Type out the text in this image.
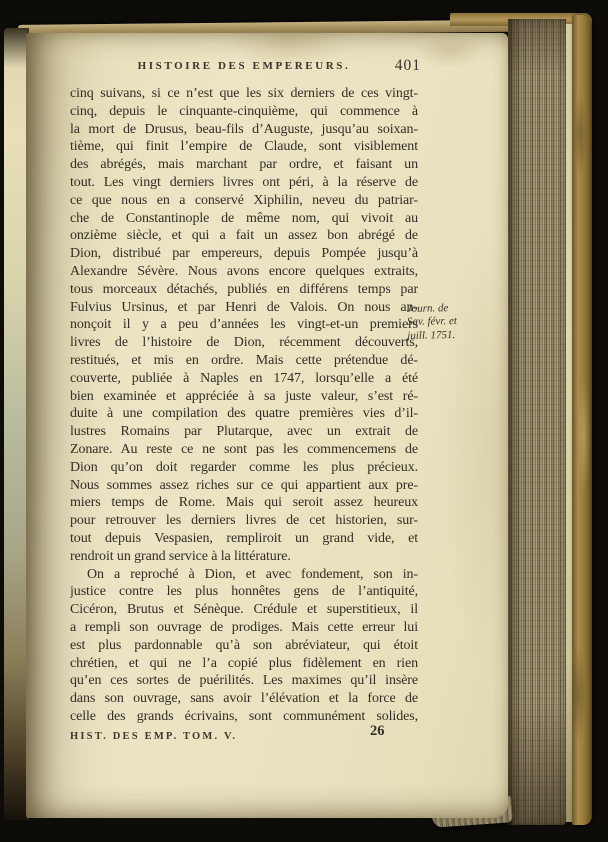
HISTOIRE DES EMPEREURS.	401
cinq suivans, si ce n’est que les six derniers de ces vingt-
cinq, depuis le cinquante-cinquième, qui commence à
la mort de Drusus, beau-fils d’Auguste, jusqu’au soixan-
tième, qui finit l’empire de Claude, sont visiblement
des abrégés, mais marchant par ordre, et faisant un
tout. Les vingt derniers livres ont péri, à la réserve de
ce que nous en a conservé Xiphilin, neveu du patriar-
che de Constantinople de même nom, qui vivoit au
onzième siècle, et qui a fait un assez bon abrégé de
Dion, distribué par empereurs, depuis Pompée jusqu’à
Alexandre Sévère. Nous avons encore quelques extraits,
tous morceaux détachés, publiés en différens temps par
Fulvius Ursinus, et par Henri de Valois. On nous an-
nonçoit il y a peu d’années les vingt-et-un premiers
livres de l’histoire de Dion, récemment découverts,
restitués, et mis en ordre. Mais cette prétendue dé-
couverte, publiée à Naples en 1747, lorsqu’elle a été
bien examinée et appréciée à sa juste valeur, s’est ré-
duite à une compilation des quatre premières vies d’il-
lustres Romains par Plutarque, avec un extrait de
Zonare. Au reste ce ne sont pas les commencemens de
Dion qu’on doit regarder comme les plus précieux.
Nous sommes assez riches sur ce qui appartient aux pre-
miers temps de Rome. Mais qui seroit assez heureux
pour retrouver les derniers livres de cet historien, sur-
tout depuis Vespasien, rempliroit un grand vide, et
rendroit un grand service à la littérature.
On a reproché à Dion, et avec fondement, son in-
justice contre les plus honnêtes gens de l’antiquité,
Cicéron, Brutus et Sénèque. Crédule et superstitieux, il
a rempli son ouvrage de prodiges. Mais cette erreur lui
est plus pardonnable qu’à son abréviateur, qui étoit
chrétien, et qui ne l’a copié plus fidèlement en rien
qu’en ces sortes de puérilités. Les maximes qu’il insère
dans son ouvrage, sans avoir l’élévation et la force de
celle des grands écrivains, sont communément solides,
Journ. de
Sav. févr. et
juill. 1751.
HIST. DES EMP. TOM. V.	26
